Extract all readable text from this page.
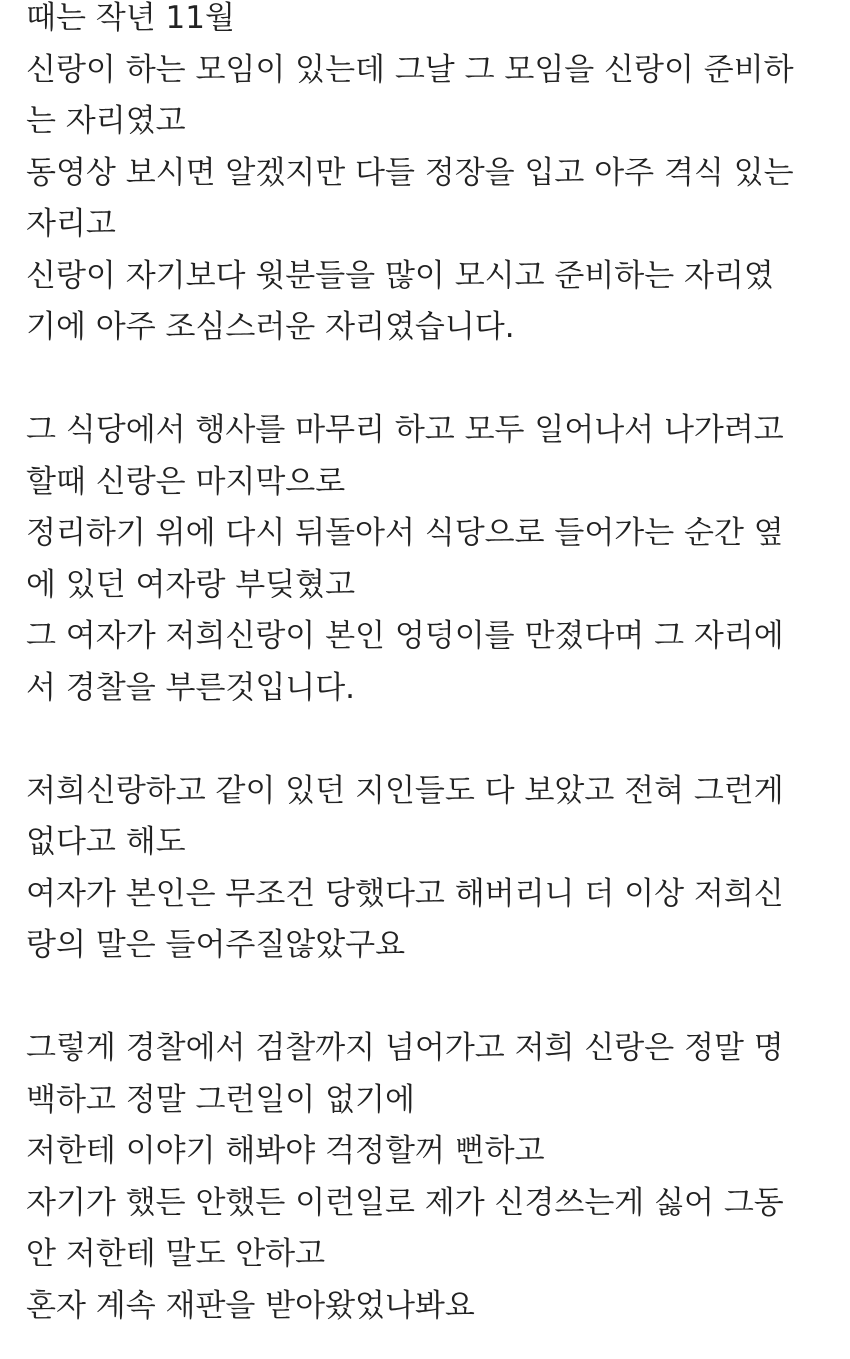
때는 작년 11월
신랑이 하는 모임이 있는데 그날 그 모임을 신랑이 준비하
는 자리였고
동영상 보시면 알겠지만 다들 정장을 입고 아주 격식 있는
자리고
신랑이 자기보다 윗분들을 많이 모시고 준비하는 자리였
기에 아주 조심스러운 자리였습니다.
그 식당에서 행사를 마무리 하고 모두 일어나서 나가려고
할때 신랑은 마지막으로
정리하기 위에 다시 뒤돌아서 식당으로 들어가는 순간 옆
에 있던 여자랑 부딪혔고
그 여자가 저희신랑이 본인 엉덩이를 만졌다며 그 자리에
서 경찰을 부른것입니다.
저희신랑하고 같이 있던 지인들도 다 보았고 전혀 그런게
없다고 해도
여자가 본인은 무조건 당했다고 해버리니 더 이상 저희신
랑의 말은 들어주질않았구요
그렇게 경찰에서 검찰까지 넘어가고 저희 신랑은 정말 명
백하고 정말 그런일이 없기에
저한테 이야기 해봐야 걱정할꺼 뻔하고
자기가 했든 안했든 이런일로 제가 신경쓰는게 싫어 그동
안 저한테 말도 안하고
혼자 계속 재판을 받아왔었나봐요
